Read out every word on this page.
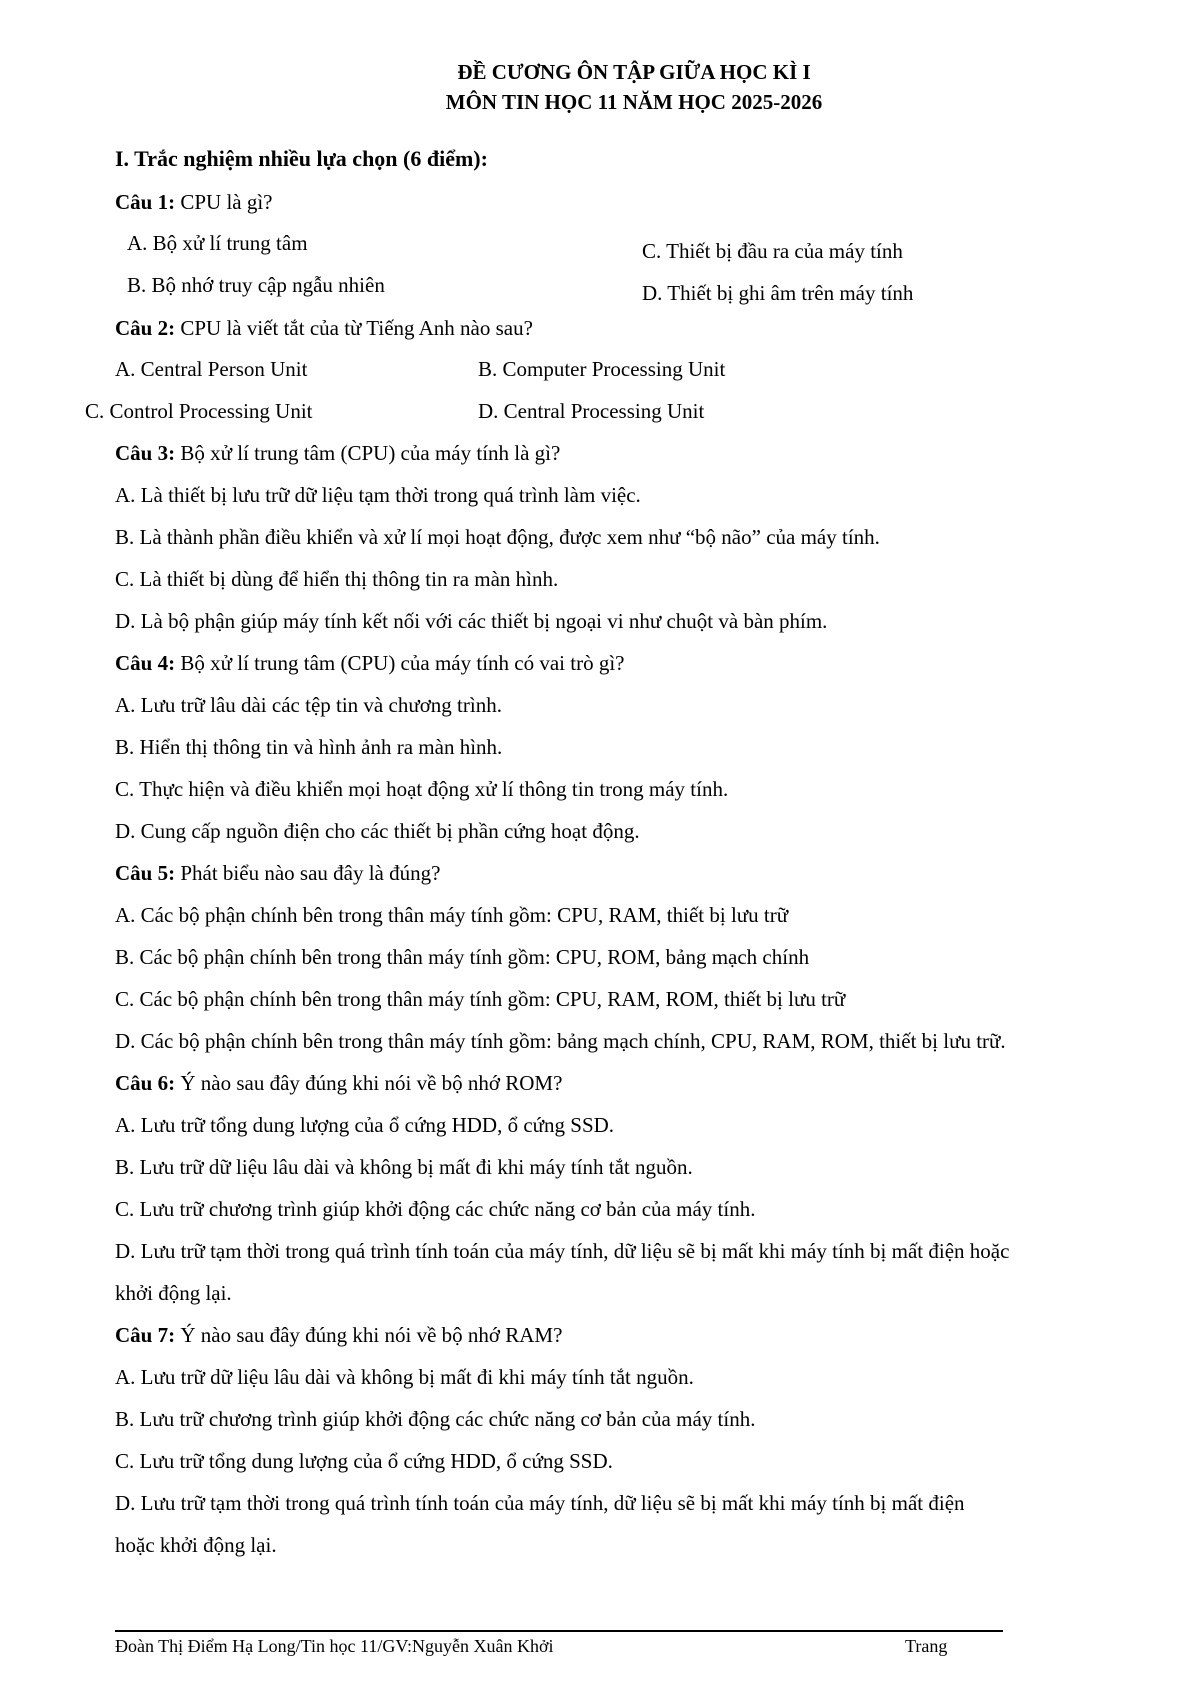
ĐỀ CƯƠNG ÔN TẬP GIỮA HỌC KÌ I
MÔN TIN HỌC 11 NĂM HỌC 2025-2026
I. Trắc nghiệm nhiều lựa chọn (6 điểm):
Câu 1: CPU là gì?
A. Bộ xử lí trung tâm
B. Bộ nhớ truy cập ngẫu nhiên
C. Thiết bị đầu ra của máy tính
D. Thiết bị ghi âm trên máy tính
Câu 2: CPU là viết tắt của từ Tiếng Anh nào sau?
A. Central Person Unit	B. Computer Processing Unit
C. Control Processing Unit	D. Central Processing Unit
Câu 3: Bộ xử lí trung tâm (CPU) của máy tính là gì?
A. Là thiết bị lưu trữ dữ liệu tạm thời trong quá trình làm việc.
B. Là thành phần điều khiển và xử lí mọi hoạt động, được xem như “bộ não” của máy tính.
C. Là thiết bị dùng để hiển thị thông tin ra màn hình.
D. Là bộ phận giúp máy tính kết nối với các thiết bị ngoại vi như chuột và bàn phím.
Câu 4: Bộ xử lí trung tâm (CPU) của máy tính có vai trò gì?
A. Lưu trữ lâu dài các tệp tin và chương trình.
B. Hiển thị thông tin và hình ảnh ra màn hình.
C. Thực hiện và điều khiển mọi hoạt động xử lí thông tin trong máy tính.
D. Cung cấp nguồn điện cho các thiết bị phần cứng hoạt động.
Câu 5: Phát biểu nào sau đây là đúng?
A. Các bộ phận chính bên trong thân máy tính gồm: CPU, RAM, thiết bị lưu trữ
B. Các bộ phận chính bên trong thân máy tính gồm: CPU, ROM, bảng mạch chính
C. Các bộ phận chính bên trong thân máy tính gồm: CPU, RAM, ROM, thiết bị lưu trữ
D. Các bộ phận chính bên trong thân máy tính gồm: bảng mạch chính, CPU, RAM, ROM, thiết bị lưu trữ.
Câu 6: Ý nào sau đây đúng khi nói về bộ nhớ ROM?
A. Lưu trữ tổng dung lượng của ổ cứng HDD, ổ cứng SSD.
B. Lưu trữ dữ liệu lâu dài và không bị mất đi khi máy tính tắt nguồn.
C. Lưu trữ chương trình giúp khởi động các chức năng cơ bản của máy tính.
D. Lưu trữ tạm thời trong quá trình tính toán của máy tính, dữ liệu sẽ bị mất khi máy tính bị mất điện hoặc
khởi động lại.
Câu 7: Ý nào sau đây đúng khi nói về bộ nhớ RAM?
A. Lưu trữ dữ liệu lâu dài và không bị mất đi khi máy tính tắt nguồn.
B. Lưu trữ chương trình giúp khởi động các chức năng cơ bản của máy tính.
C. Lưu trữ tổng dung lượng của ổ cứng HDD, ổ cứng SSD.
D. Lưu trữ tạm thời trong quá trình tính toán của máy tính, dữ liệu sẽ bị mất khi máy tính bị mất điện
hoặc khởi động lại.
Đoàn Thị Điểm Hạ Long/Tin học 11/GV:Nguyễn Xuân Khởi	Trang
